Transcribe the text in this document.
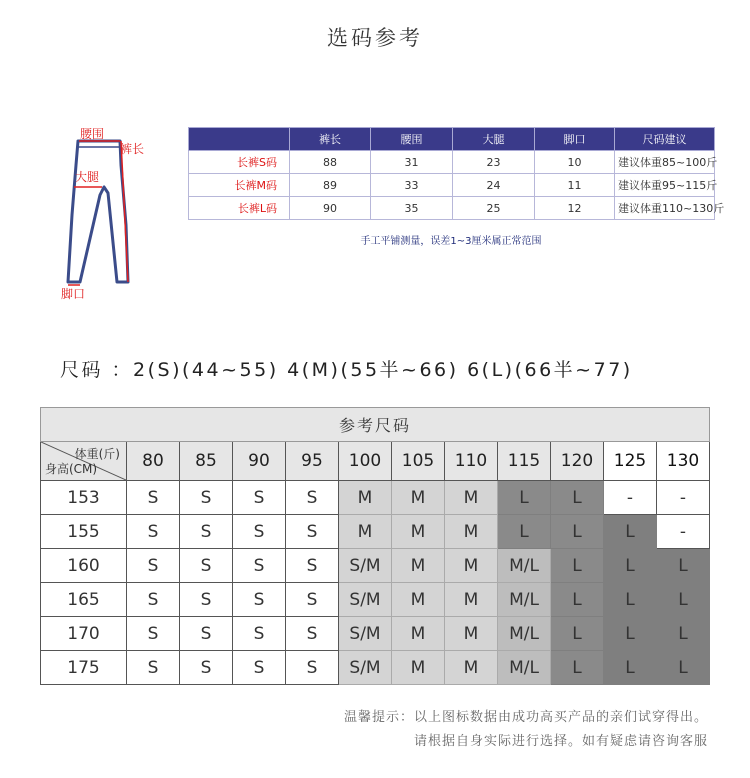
选码参考
腰围
裤长
大腿
脚口
	裤长	腰围	大腿	脚口	尺码建议
长裤S码	88	31	23	10	建议体重85~100斤
长裤M码	89	33	24	11	建议体重95~115斤
长裤L码	90	35	25	12	建议体重110~130斤
手工平铺测量，误差1~3厘米属正常范围
尺码 ：2(S)(44~55) 4(M)(55半~66) 6(L)(66半~77)
参考尺码											

体重(斤)
身高(CM)	80	85	90	95	100	105	110	115	120	125	130
153	S	S	S	S	M	M	M	L	L	-	-
155	S	S	S	S	M	M	M	L	L	L	-
160	S	S	S	S	S/M	M	M	M/L	L	L	L
165	S	S	S	S	S/M	M	M	M/L	L	L	L
170	S	S	S	S	S/M	M	M	M/L	L	L	L
175	S	S	S	S	S/M	M	M	M/L	L	L	L
温馨提示：以上图标数据由成功高买产品的亲们试穿得出。
请根据自身实际进行选择。如有疑虑请咨询客服
